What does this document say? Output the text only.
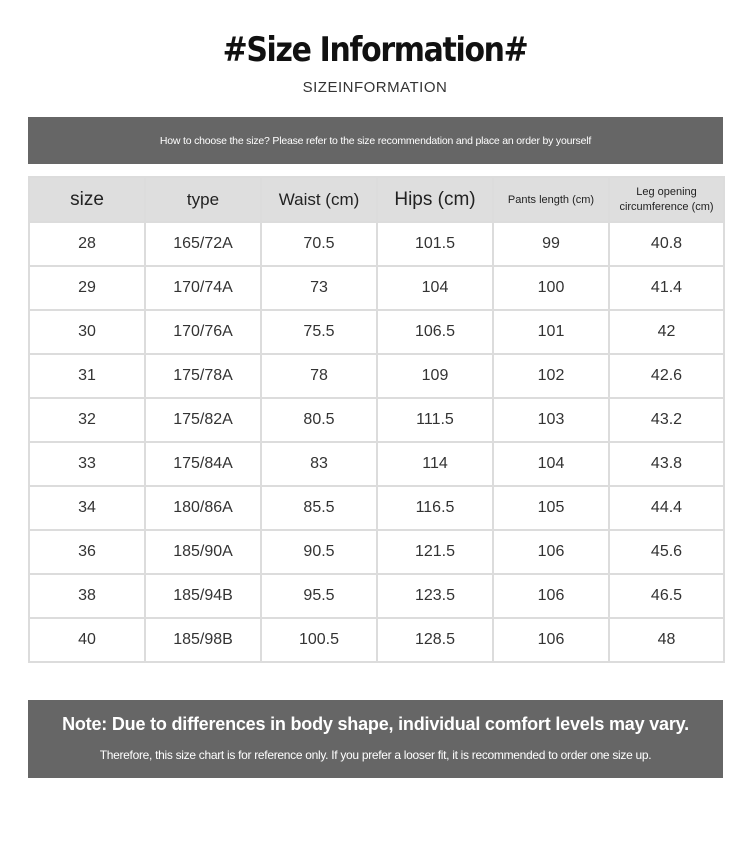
#Size Information#
SIZEINFORMATION
How to choose the size? Please refer to the size recommendation and place an order by yourself
size	type	Waist (cm)	Hips (cm)	Pants length (cm)	Leg opening circumference (cm)
28	165/72A	70.5	101.5	99	40.8
29	170/74A	73	104	100	41.4
30	170/76A	75.5	106.5	101	42
31	175/78A	78	109	102	42.6
32	175/82A	80.5	111.5	103	43.2
33	175/84A	83	114	104	43.8
34	180/86A	85.5	116.5	105	44.4
36	185/90A	90.5	121.5	106	45.6
38	185/94B	95.5	123.5	106	46.5
40	185/98B	100.5	128.5	106	48
Note: Due to differences in body shape, individual comfort levels may vary.
Therefore, this size chart is for reference only. If you prefer a looser fit, it is recommended to order one size up.
